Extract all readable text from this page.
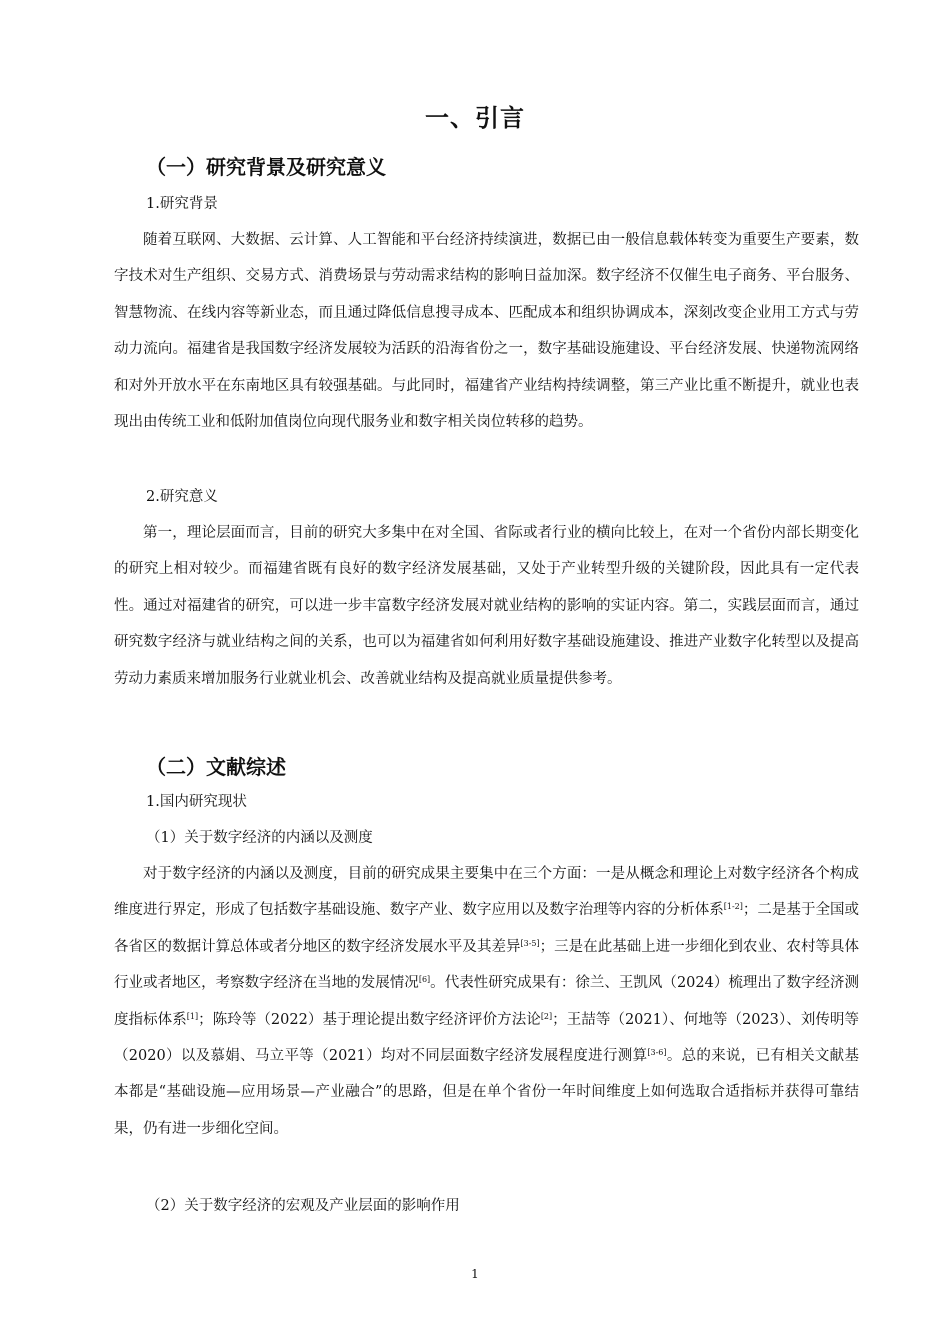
一、引言
（一）研究背景及研究意义
1.研究背景

随着互联网、大数据、云计算、人工智能和平台经济持续演进，数据已由一般信息载体转变为重要生产要素，数字技术对生产组织、交易方式、消费场景与劳动需求结构的影响日益加深。数字经济不仅催生电子商务、平台服务、智慧物流、在线内容等新业态，而且通过降低信息搜寻成本、匹配成本和组织协调成本，深刻改变企业用工方式与劳动力流向。福建省是我国数字经济发展较为活跃的沿海省份之一，数字基础设施建设、平台经济发展、快递物流网络和对外开放水平在东南地区具有较强基础。与此同时，福建省产业结构持续调整，第三产业比重不断提升，就业也表现出由传统工业和低附加值岗位向现代服务业和数字相关岗位转移的趋势。

2.研究意义

第一，理论层面而言，目前的研究大多集中在对全国、省际或者行业的横向比较上，在对一个省份内部长期变化的研究上相对较少。而福建省既有良好的数字经济发展基础，又处于产业转型升级的关键阶段，因此具有一定代表性。通过对福建省的研究，可以进一步丰富数字经济发展对就业结构的影响的实证内容。第二，实践层面而言，通过研究数字经济与就业结构之间的关系，也可以为福建省如何利用好数字基础设施建设、推进产业数字化转型以及提高劳动力素质来增加服务行业就业机会、改善就业结构及提高就业质量提供参考。

（二）文献综述
1.国内研究现状
（1）关于数字经济的内涵以及测度

对于数字经济的内涵以及测度，目前的研究成果主要集中在三个方面：一是从概念和理论上对数字经济各个构成维度进行界定，形成了包括数字基础设施、数字产业、数字应用以及数字治理等内容的分析体系[1-2]；二是基于全国或各省区的数据计算总体或者分地区的数字经济发展水平及其差异[3-5]；三是在此基础上进一步细化到农业、农村等具体行业或者地区，考察数字经济在当地的发展情况[6]。代表性研究成果有：徐兰、王凯风（2024）梳理出了数字经济测度指标体系[1]；陈玲等（2022）基于理论提出数字经济评价方法论[2]；王喆等（2021）、何地等（2023）、刘传明等（2020）以及慕娟、马立平等（2021）均对不同层面数字经济发展程度进行测算[3-6]。总的来说，已有相关文献基本都是“基础设施—应用场景—产业融合”的思路，但是在单个省份一年时间维度上如何选取合适指标并获得可靠结果，仍有进一步细化空间。

（2）关于数字经济的宏观及产业层面的影响作用
1
